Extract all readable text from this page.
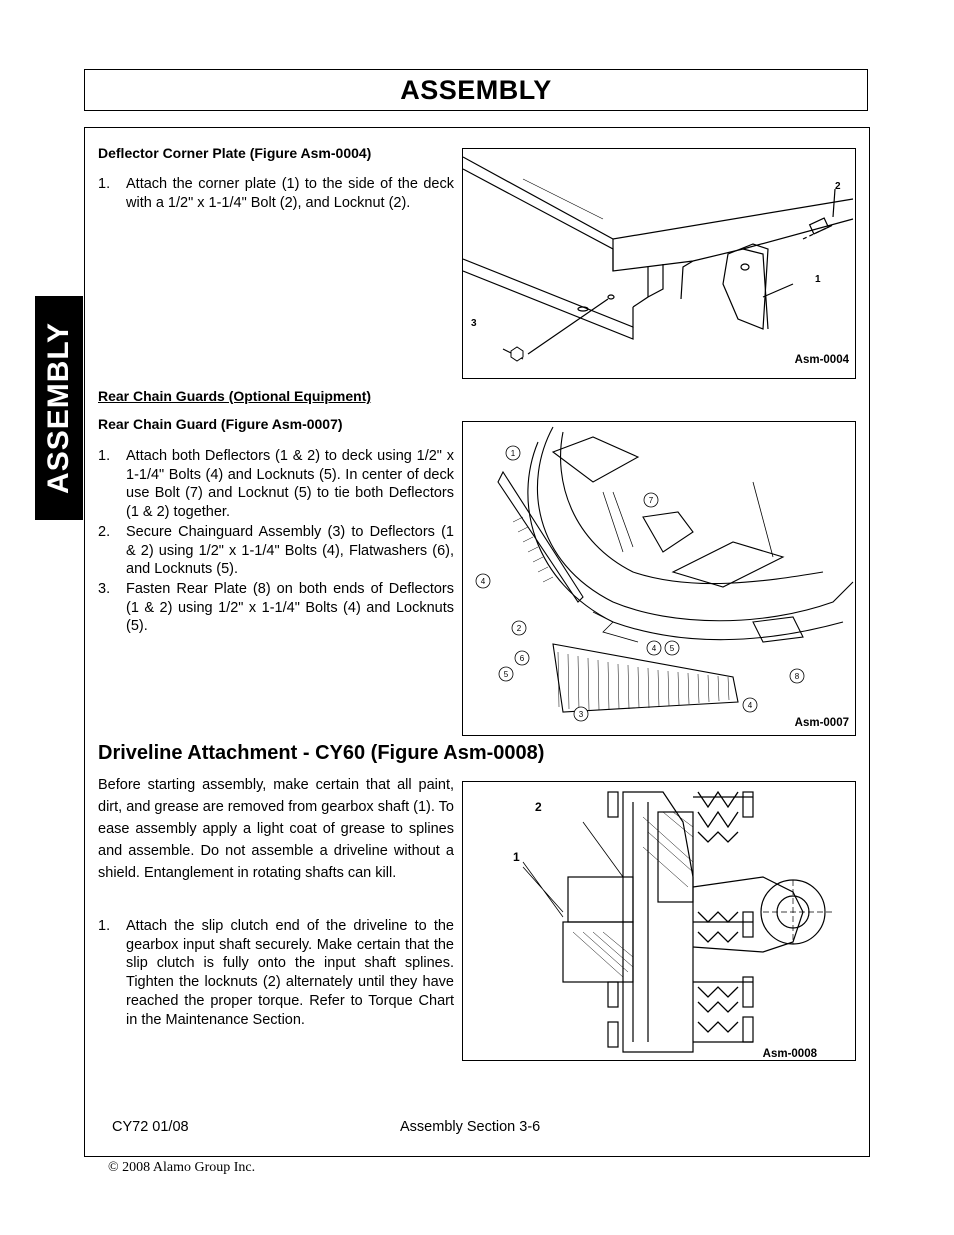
ASSEMBLY
ASSEMBLY
Deflector Corner Plate (Figure Asm-0004)
1. Attach the corner plate (1) to the side of the deck with a 1/2" x 1-1/4" Bolt (2), and Locknut (2).
2
1
3
Asm-0004
Rear Chain Guards (Optional Equipment)
Rear Chain Guard (Figure Asm-0007)
1. Attach both Deflectors (1 & 2) to deck using 1/2" x 1-1/4" Bolts (4) and Locknuts (5). In center of deck use Bolt (7) and Locknut (5) to tie both Deflectors (1 & 2) together.
2. Secure Chainguard Assembly (3) to Deflectors (1 & 2) using 1/2" x 1-1/4" Bolts (4), Flatwashers (6), and Locknuts (5).
3. Fasten Rear Plate (8) on both ends of Deflectors (1 & 2) using 1/2" x 1-1/4" Bolts (4) and Locknuts (5).
1
2
3
4
4 5
4
5
6
7
8
Asm-0007
Driveline Attachment - CY60 (Figure Asm-0008)

Before starting assembly, make certain that all paint, dirt, and grease are removed from gearbox shaft (1). To ease assembly apply a light coat of grease to splines and assemble. Do not assemble a driveline without a shield. Entanglement in rotating shafts can kill.

1. Attach the slip clutch end of the driveline to the gearbox input shaft securely. Make certain that the slip clutch is fully onto the input shaft splines. Tighten the locknuts (2) alternately until they have reached the proper torque. Refer to Torque Chart in the Maintenance Section.
2
1
Asm-0008
CY72 01/08	Assembly Section 3-6
© 2008 Alamo Group Inc.
